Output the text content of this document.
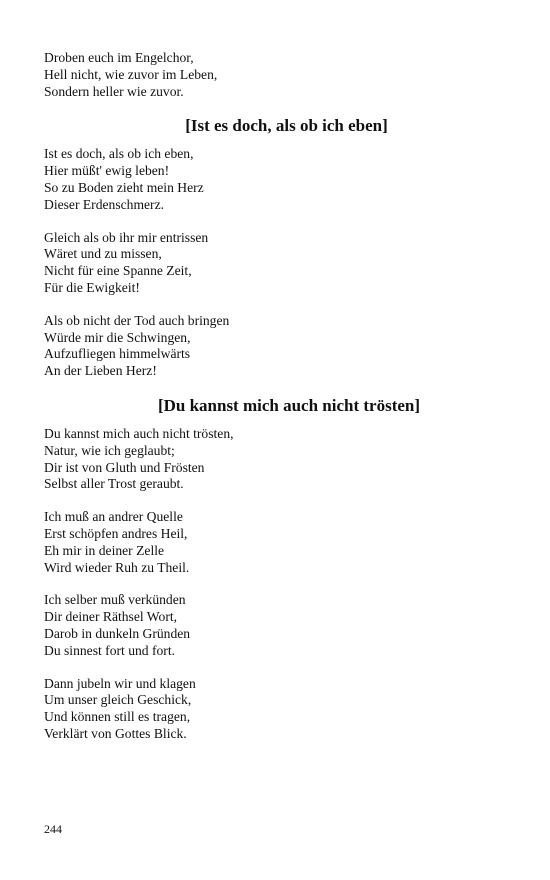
Droben euch im Engelchor,
Hell nicht, wie zuvor im Leben,
Sondern heller wie zuvor.
[Ist es doch, als ob ich eben]
Ist es doch, als ob ich eben,
Hier müßt' ewig leben!
So zu Boden zieht mein Herz
Dieser Erdenschmerz.
Gleich als ob ihr mir entrissen
Wäret und zu missen,
Nicht für eine Spanne Zeit,
Für die Ewigkeit!
Als ob nicht der Tod auch bringen
Würde mir die Schwingen,
Aufzufliegen himmelwärts
An der Lieben Herz!
[Du kannst mich auch nicht trösten]
Du kannst mich auch nicht trösten,
Natur, wie ich geglaubt;
Dir ist von Gluth und Frösten
Selbst aller Trost geraubt.
Ich muß an andrer Quelle
Erst schöpfen andres Heil,
Eh mir in deiner Zelle
Wird wieder Ruh zu Theil.
Ich selber muß verkünden
Dir deiner Räthsel Wort,
Darob in dunkeln Gründen
Du sinnest fort und fort.
Dann jubeln wir und klagen
Um unser gleich Geschick,
Und können still es tragen,
Verklärt von Gottes Blick.
244
